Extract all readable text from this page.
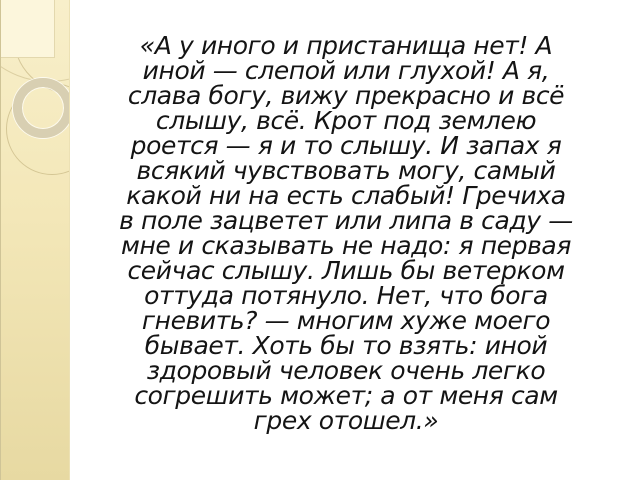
«А у иного и пристанища нет! А
иной — слепой или глухой! А я,
слава богу, вижу прекрасно и всё
слышу, всё. Крот под землею
роется — я и то слышу. И запах я
всякий чувствовать могу, самый
какой ни на есть слабый! Гречиха
в поле зацветет или липа в саду —
мне и сказывать не надо: я первая
сейчас слышу. Лишь бы ветерком
оттуда потянуло. Нет, что бога
гневить? — многим хуже моего
бывает. Хоть бы то взять: иной
здоровый человек очень легко
согрешить может; а от меня сам
грех отошел.»
